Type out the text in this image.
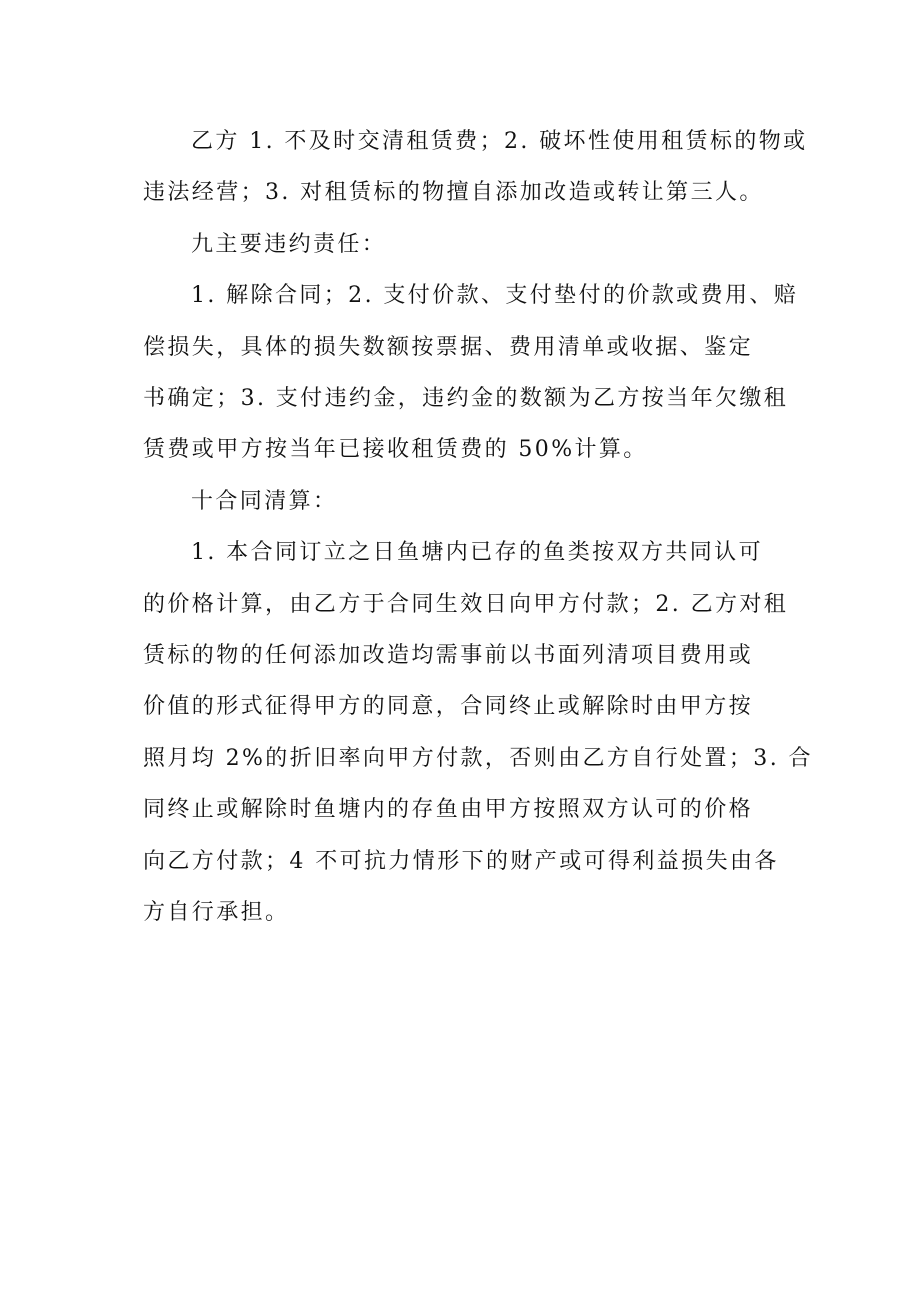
乙方 1. 不及时交清租赁费；2. 破坏性使用租赁标的物或
违法经营；3. 对租赁标的物擅自添加改造或转让第三人。

九主要违约责任：

1. 解除合同；2. 支付价款、支付垫付的价款或费用、赔
偿损失，具体的损失数额按票据、费用清单或收据、鉴定
书确定；3. 支付违约金，违约金的数额为乙方按当年欠缴租
赁费或甲方按当年已接收租赁费的 50%计算。

十合同清算：

1. 本合同订立之日鱼塘内已存的鱼类按双方共同认可
的价格计算，由乙方于合同生效日向甲方付款；2. 乙方对租
赁标的物的任何添加改造均需事前以书面列清项目费用或
价值的形式征得甲方的同意，合同终止或解除时由甲方按
照月均 2%的折旧率向甲方付款，否则由乙方自行处置；3. 合
同终止或解除时鱼塘内的存鱼由甲方按照双方认可的价格
向乙方付款；4 不可抗力情形下的财产或可得利益损失由各
方自行承担。
